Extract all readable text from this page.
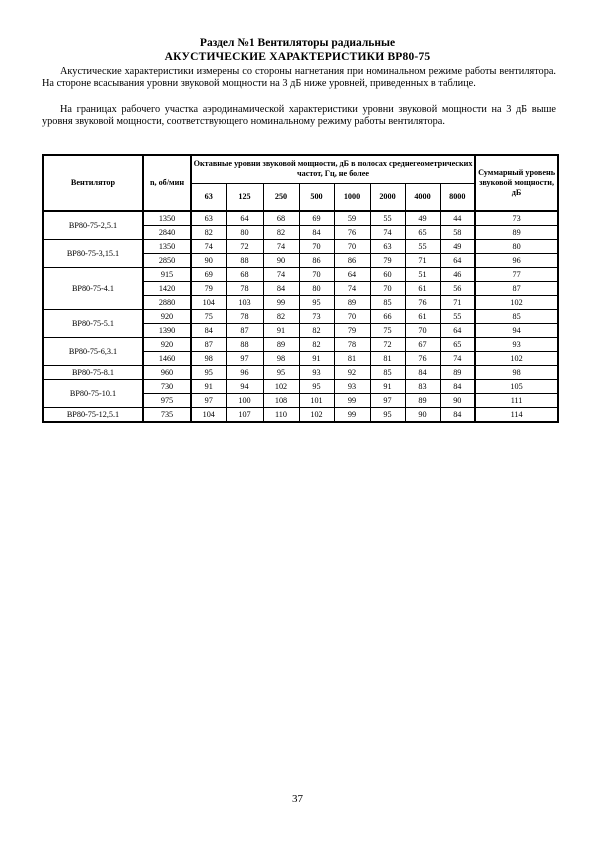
Раздел №1 Вентиляторы радиальные
АКУСТИЧЕСКИЕ ХАРАКТЕРИСТИКИ ВР80-75

Акустические характеристики измерены со стороны нагнетания при номинальном режиме работы вентилятора. На стороне всасывания уровни звуковой мощности на 3 дБ ниже уровней, приведенных в таблице.

На границах рабочего участка аэродинамической характеристики уровни звуковой мощности на 3 дБ выше уровня звуковой мощности, соответствующего номинальному режиму работы вентилятора.

Вентилятор	n, об/мин	Октавные уровни звуковой мощности, дБ в полосах среднегеометрических частот, Гц, не более								Суммарный уровень звуковой мощности, дБ
		63	125	250	500	1000	2000	4000	8000	
ВР80-75-2,5.1	1350	63	64	68	69	59	55	49	44	73
	2840	82	80	82	84	76	74	65	58	89
ВР80-75-3,15.1	1350	74	72	74	70	70	63	55	49	80
	2850	90	88	90	86	86	79	71	64	96
ВР80-75-4.1	915	69	68	74	70	64	60	51	46	77
	1420	79	78	84	80	74	70	61	56	87
	2880	104	103	99	95	89	85	76	71	102
ВР80-75-5.1	920	75	78	82	73	70	66	61	55	85
	1390	84	87	91	82	79	75	70	64	94
ВР80-75-6,3.1	920	87	88	89	82	78	72	67	65	93
	1460	98	97	98	91	81	81	76	74	102
ВР80-75-8.1	960	95	96	95	93	92	85	84	89	98
ВР80-75-10.1	730	91	94	102	95	93	91	83	84	105
	975	97	100	108	101	99	97	89	90	111
ВР80-75-12,5.1	735	104	107	110	102	99	95	90	84	114
37
